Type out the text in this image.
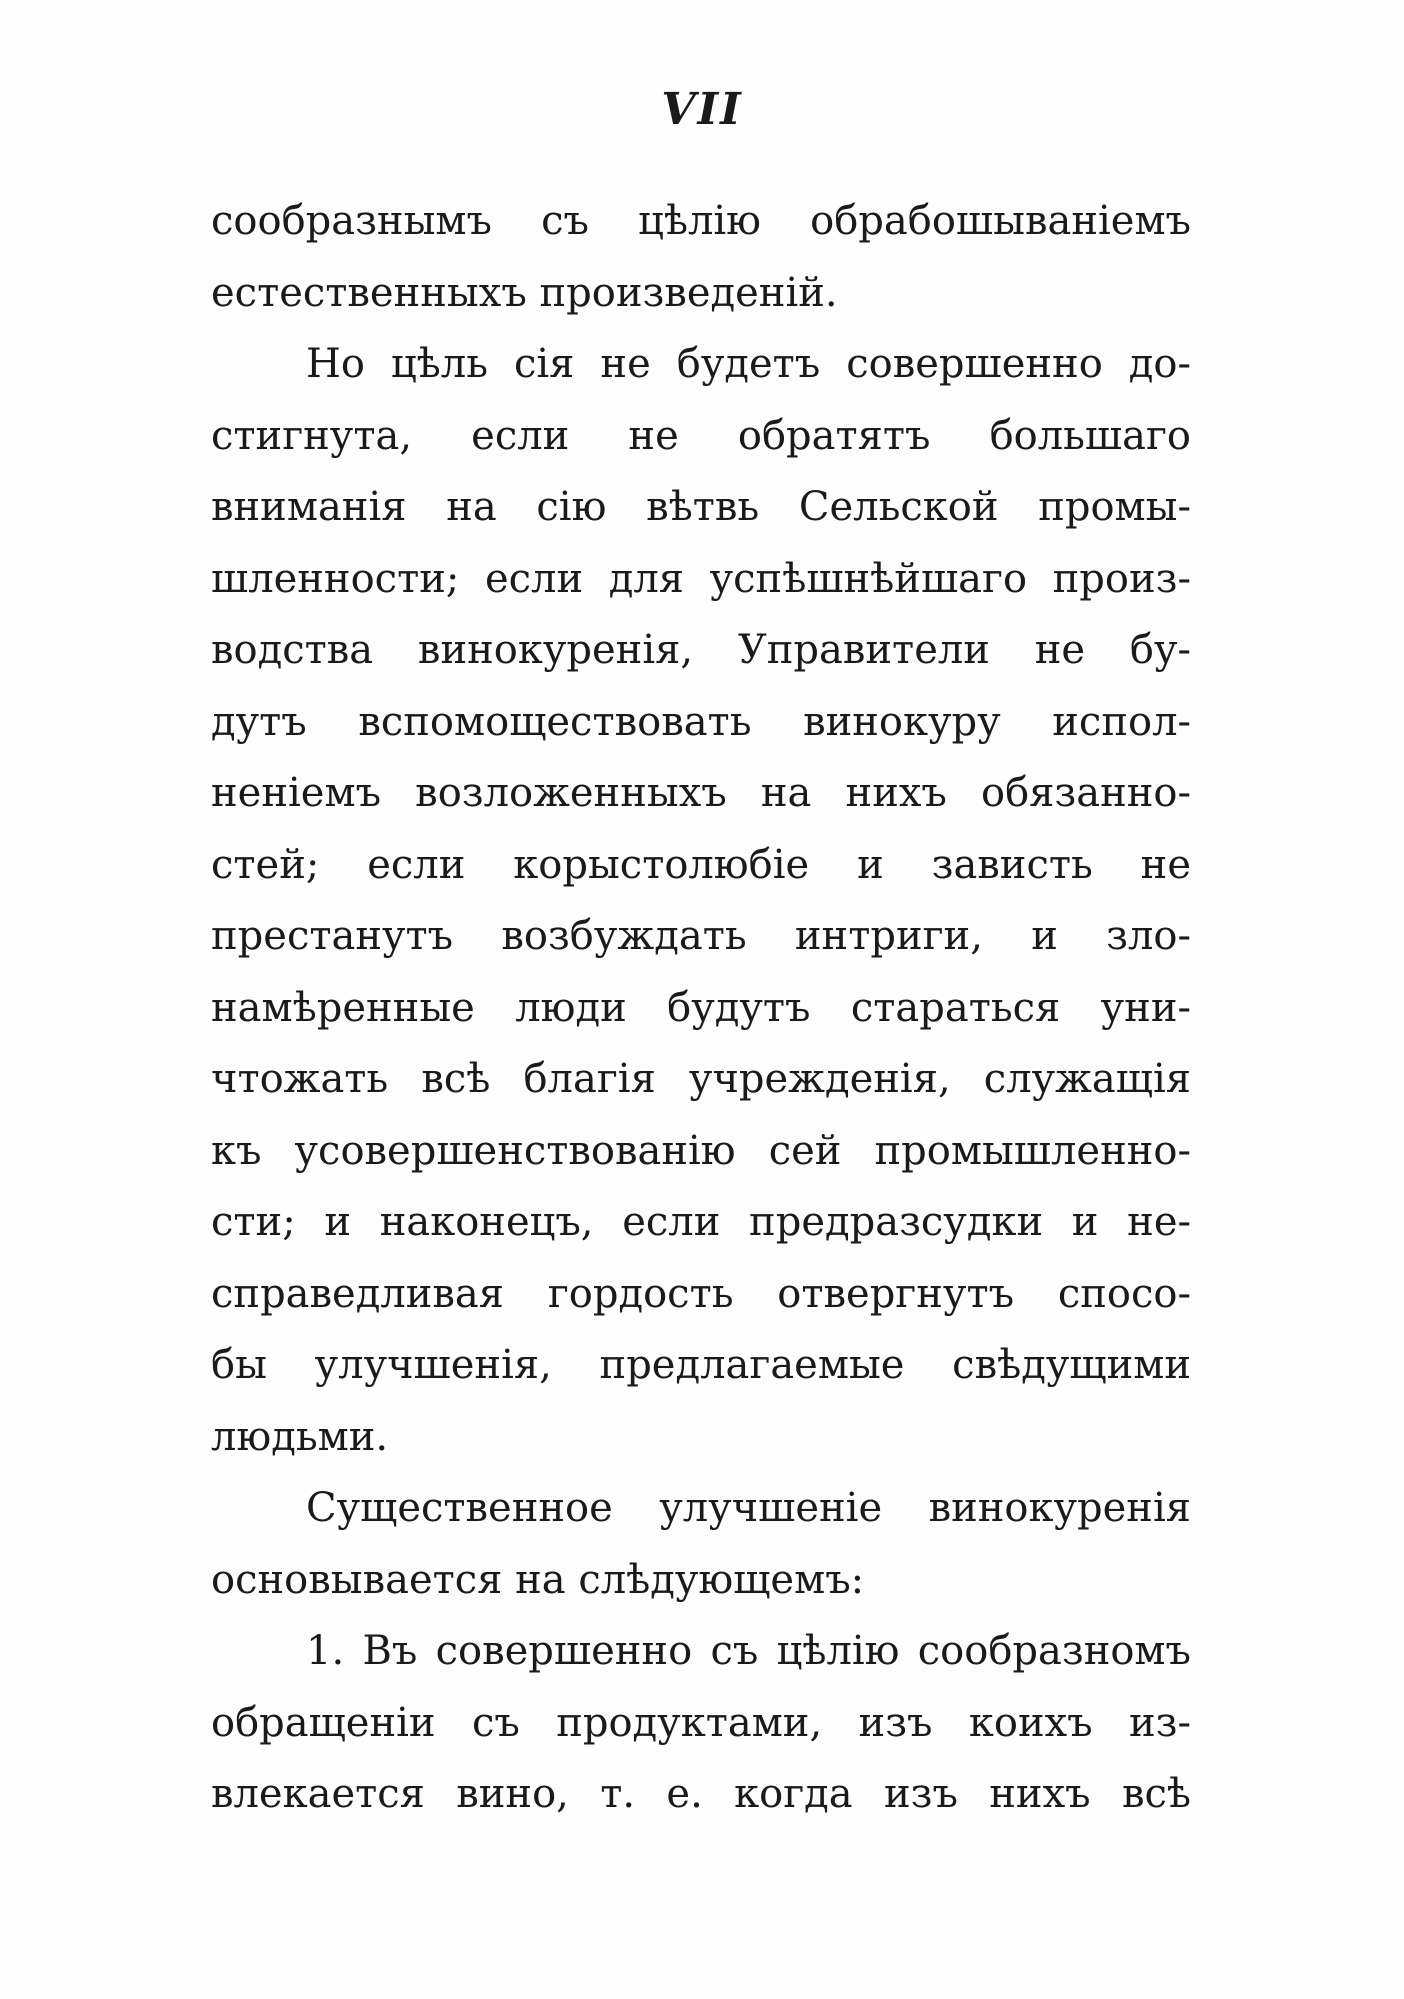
VII
сообразнымъ съ цѣлію обрабошываніемъ
естественныхъ произведеній.
Но цѣль сія не будетъ совершенно до-
стигнута, если не обратятъ большаго
вниманія на сію вѣтвь Сельской промы-
шленности; если для успѣшнѣйшаго произ-
водства винокуренія, Управители не бу-
дутъ вспомоществовать винокуру испол-
неніемъ возложенныхъ на нихъ обязанно-
стей; если корыстолюбіе и зависть не
престанутъ возбуждать интриги, и зло-
намѣренные люди будутъ стараться уни-
чтожать всѣ благія учрежденія, служащія
къ усовершенствованію сей промышленно-
сти; и наконецъ, если предразсудки и не-
справедливая гордость отвергнутъ спосо-
бы улучшенія, предлагаемые свѣдущими
людьми.
Существенное улучшеніе винокуренія
основывается на слѣдующемъ:
1. Въ совершенно съ цѣлію сообразномъ
обращеніи съ продуктами, изъ коихъ из-
влекается вино, т. е. когда изъ нихъ всѣ
